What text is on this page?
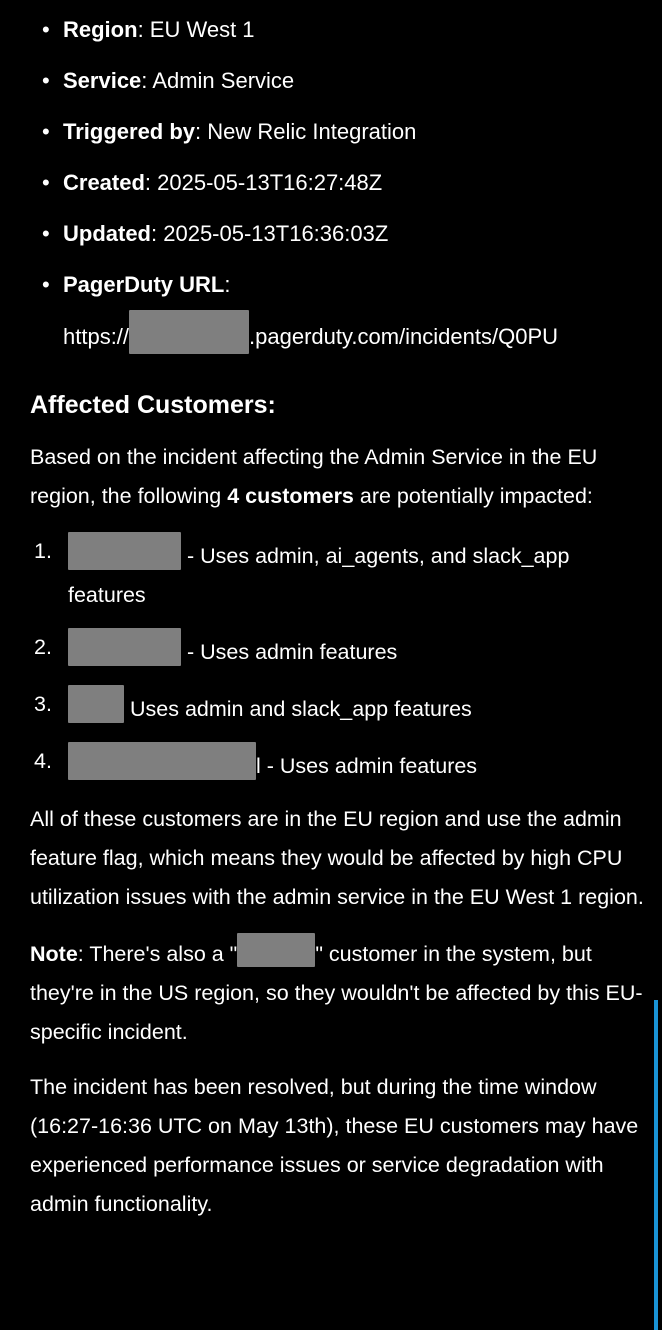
• Region: EU West 1
• Service: Admin Service
• Triggered by: New Relic Integration
• Created: 2025-05-13T16:27:48Z
• Updated: 2025-05-13T16:36:03Z
• PagerDuty URL:
https://	.pagerduty.com/incidents/Q0PU
Affected Customers:

Based on the incident affecting the Admin Service in the EU region, the following 4 customers are potentially impacted:

- Uses admin, ai_agents, and slack_app features
- Uses admin features
Uses admin and slack_app features
l - Uses admin features

All of these customers are in the EU region and use the admin feature flag, which means they would be affected by high CPU utilization issues with the admin service in the EU West 1 region.

Note: There's also a "	" customer in the system, but they're in the US region, so they wouldn't be affected by this EU-specific incident.

The incident has been resolved, but during the time window (16:27-16:36 UTC on May 13th), these EU customers may have experienced performance issues or service degradation with admin functionality.
